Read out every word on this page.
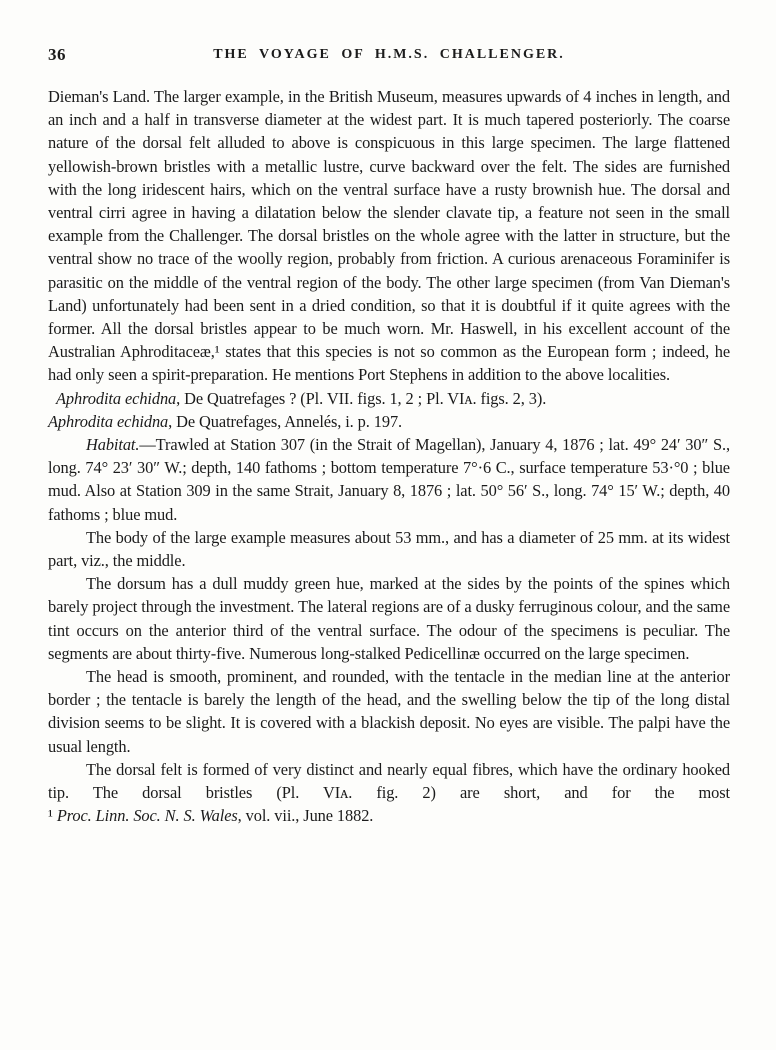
36	THE VOYAGE OF H.M.S. CHALLENGER.

Dieman's Land. The larger example, in the British Museum, measures upwards of 4 inches in length, and an inch and a half in transverse diameter at the widest part. It is much tapered posteriorly. The coarse nature of the dorsal felt alluded to above is conspicuous in this large specimen. The large flattened yellowish-brown bristles with a metallic lustre, curve backward over the felt. The sides are furnished with the long iridescent hairs, which on the ventral surface have a rusty brownish hue. The dorsal and ventral cirri agree in having a dilatation below the slender clavate tip, a feature not seen in the small example from the Challenger. The dorsal bristles on the whole agree with the latter in structure, but the ventral show no trace of the woolly region, probably from friction. A curious arenaceous Foraminifer is parasitic on the middle of the ventral region of the body. The other large specimen (from Van Dieman's Land) unfortunately had been sent in a dried condition, so that it is doubtful if it quite agrees with the former. All the dorsal bristles appear to be much worn. Mr. Haswell, in his excellent account of the Australian Aphroditaceæ,¹ states that this species is not so common as the European form ; indeed, he had only seen a spirit-preparation. He mentions Port Stephens in addition to the above localities.

Aphrodita echidna, De Quatrefages ? (Pl. VII. figs. 1, 2 ; Pl. VIᴀ. figs. 2, 3).

Aphrodita echidna, De Quatrefages, Annelés, i. p. 197.

Habitat.—Trawled at Station 307 (in the Strait of Magellan), January 4, 1876 ; lat. 49° 24′ 30″ S., long. 74° 23′ 30″ W.; depth, 140 fathoms ; bottom temperature 7°·6 C., surface temperature 53·°0 ; blue mud. Also at Station 309 in the same Strait, January 8, 1876 ; lat. 50° 56′ S., long. 74° 15′ W.; depth, 40 fathoms ; blue mud.

The body of the large example measures about 53 mm., and has a diameter of 25 mm. at its widest part, viz., the middle.

The dorsum has a dull muddy green hue, marked at the sides by the points of the spines which barely project through the investment. The lateral regions are of a dusky ferruginous colour, and the same tint occurs on the anterior third of the ventral surface. The odour of the specimens is peculiar. The segments are about thirty-five. Numerous long-stalked Pedicellinæ occurred on the large specimen.

The head is smooth, prominent, and rounded, with the tentacle in the median line at the anterior border ; the tentacle is barely the length of the head, and the swelling below the tip of the long distal division seems to be slight. It is covered with a blackish deposit. No eyes are visible. The palpi have the usual length.

The dorsal felt is formed of very distinct and nearly equal fibres, which have the ordinary hooked tip. The dorsal bristles (Pl. VIᴀ. fig. 2) are short, and for the most

¹ Proc. Linn. Soc. N. S. Wales, vol. vii., June 1882.
